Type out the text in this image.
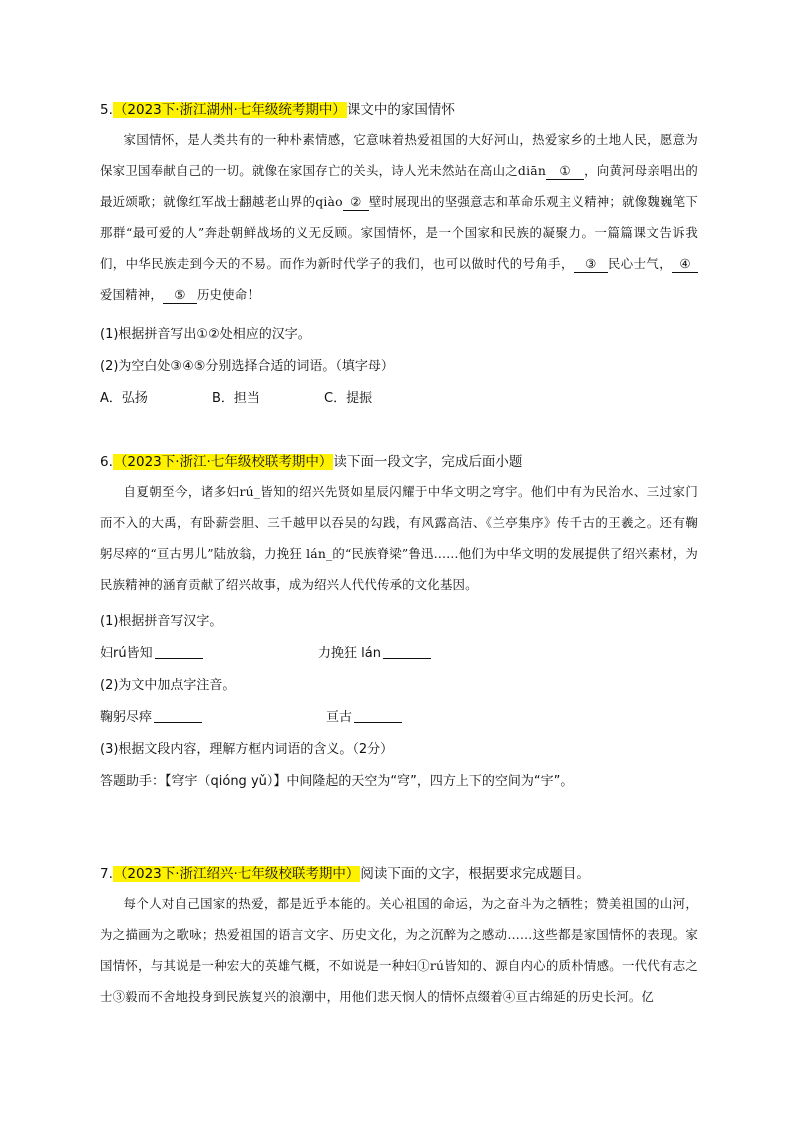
5.（2023下·浙江湖州·七年级统考期中）课文中的家国情怀
家国情怀，是人类共有的一种朴素情感，它意味着热爱祖国的大好河山，热爱家乡的土地人民，愿意为保家卫国奉献自己的一切。就像在家国存亡的关头，诗人光未然站在高山之diān ① ，向黄河母亲唱出的最近颂歌；就像红军战士翻越老山界的qiào ② 壁时展现出的坚强意志和革命乐观主义精神；就像魏巍笔下那群“最可爱的人”奔赴朝鲜战场的义无反顾。家国情怀，是一个国家和民族的凝聚力。一篇篇课文告诉我们，中华民族走到今天的不易。而作为新时代学子的我们，也可以做时代的号角手， ③ 民心士气， ④爱国精神， ⑤ 历史使命！
(1)根据拼音写出①②处相应的汉字。
(2)为空白处③④⑤分别选择合适的词语。（填字母）
A．弘扬	B．担当	C．提振
6.（2023下·浙江·七年级校联考期中）读下面一段文字，完成后面小题
自夏朝至今，诸多妇rú_皆知的绍兴先贤如星辰闪耀于中华文明之穹宇。他们中有为民治水、三过家门而不入的大禹，有卧薪尝胆、三千越甲以吞吴的勾践，有风露高洁、《兰亭集序》传千古的王羲之。还有鞠躬尽瘁的“亘古男儿”陆放翁，力挽狂 lán_的“民族脊梁”鲁迅……他们为中华文明的发展提供了绍兴素材，为民族精神的涵育贡献了绍兴故事，成为绍兴人代代传承的文化基因。
(1)根据拼音写汉字。
妇rú皆知	力挽狂 lán
(2)为文中加点字注音。
鞠躬尽瘁	亘古
(3)根据文段内容，理解方框内词语的含义。（2分）
答题助手：【穹宇（qióng yǔ）】中间隆起的天空为“穹”，四方上下的空间为“宇”。
7.（2023下·浙江绍兴·七年级校联考期中）阅读下面的文字，根据要求完成题目。
每个人对自己国家的热爱，都是近乎本能的。关心祖国的命运，为之奋斗为之牺牲；赞美祖国的山河，为之描画为之歌咏；热爱祖国的语言文字、历史文化，为之沉醉为之感动……这些都是家国情怀的表现。家国情怀，与其说是一种宏大的英雄气概，不如说是一种妇①rú皆知的、源自内心的质朴情感。一代代有志之士③毅而不舍地投身到民族复兴的浪潮中，用他们悲天悯人的情怀点缀着④亘古绵延的历史长河。亿
